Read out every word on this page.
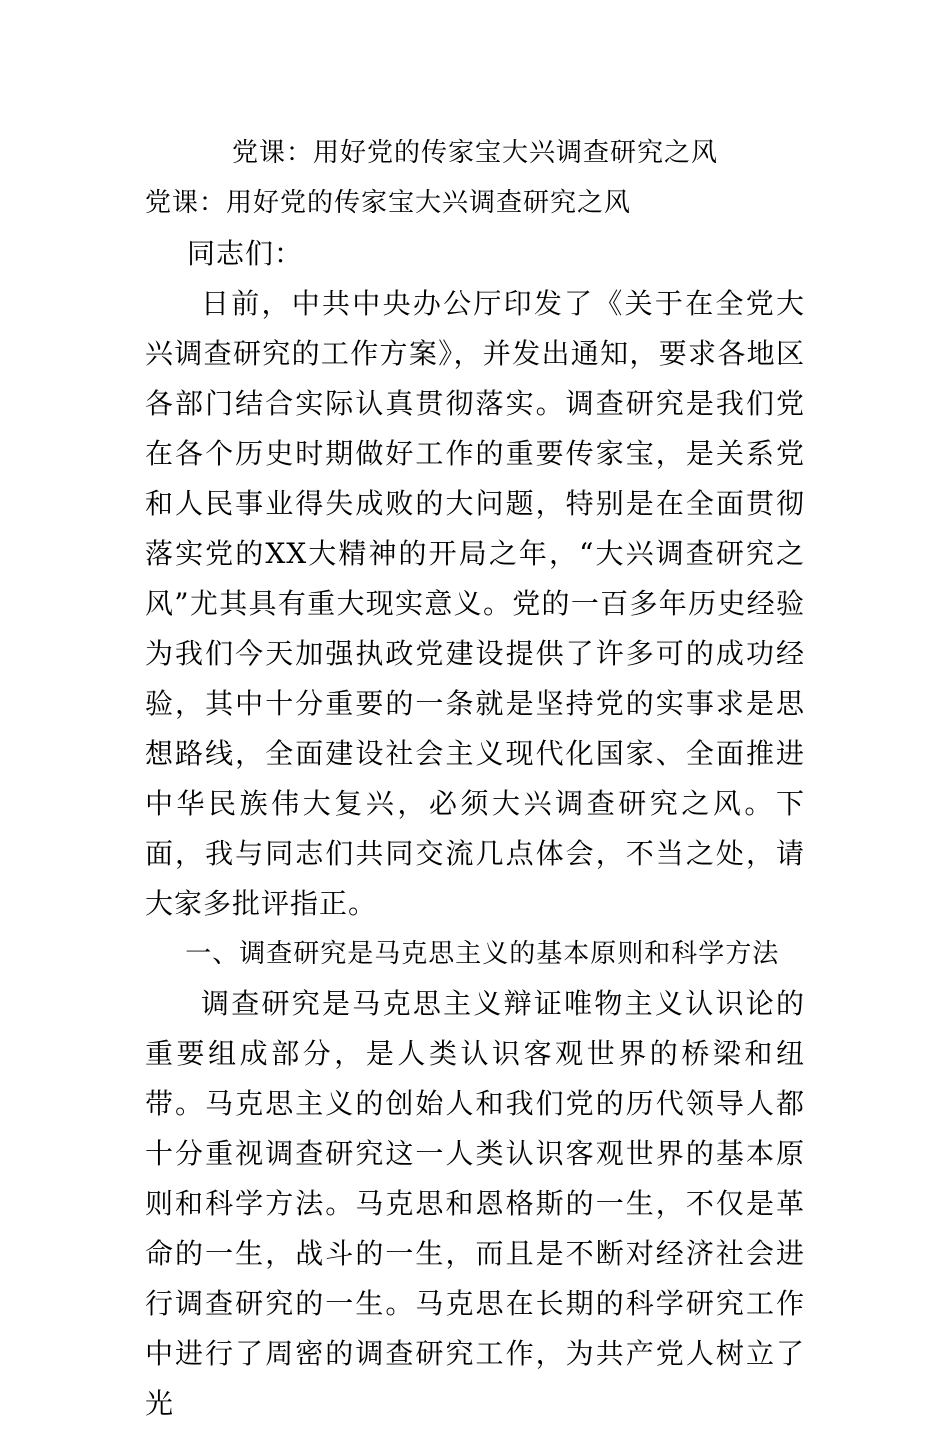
党课：用好党的传家宝大兴调查研究之风
党课：用好党的传家宝大兴调查研究之风

同志们：

日前，中共中央办公厅印发了《关于在全党大兴调查研究的工作方案》，并发出通知，要求各地区各部门结合实际认真贯彻落实。调查研究是我们党在各个历史时期做好工作的重要传家宝，是关系党和人民事业得失成败的大问题，特别是在全面贯彻落实党的XX大精神的开局之年，“大兴调查研究之风”尤其具有重大现实意义。党的一百多年历史经验为我们今天加强执政党建设提供了许多可的成功经验，其中十分重要的一条就是坚持党的实事求是思想路线，全面建设社会主义现代化国家、全面推进中华民族伟大复兴，必须大兴调查研究之风。下面，我与同志们共同交流几点体会，不当之处，请大家多批评指正。

一、调查研究是马克思主义的基本原则和科学方法

调查研究是马克思主义辩证唯物主义认识论的重要组成部分，是人类认识客观世界的桥梁和纽带。马克思主义的创始人和我们党的历代领导人都十分重视调查研究这一人类认识客观世界的基本原则和科学方法。马克思和恩格斯的一生，不仅是革命的一生，战斗的一生，而且是不断对经济社会进行调查研究的一生。马克思在长期的科学研究工作中进行了周密的调查研究工作，为共产党人树立了光
